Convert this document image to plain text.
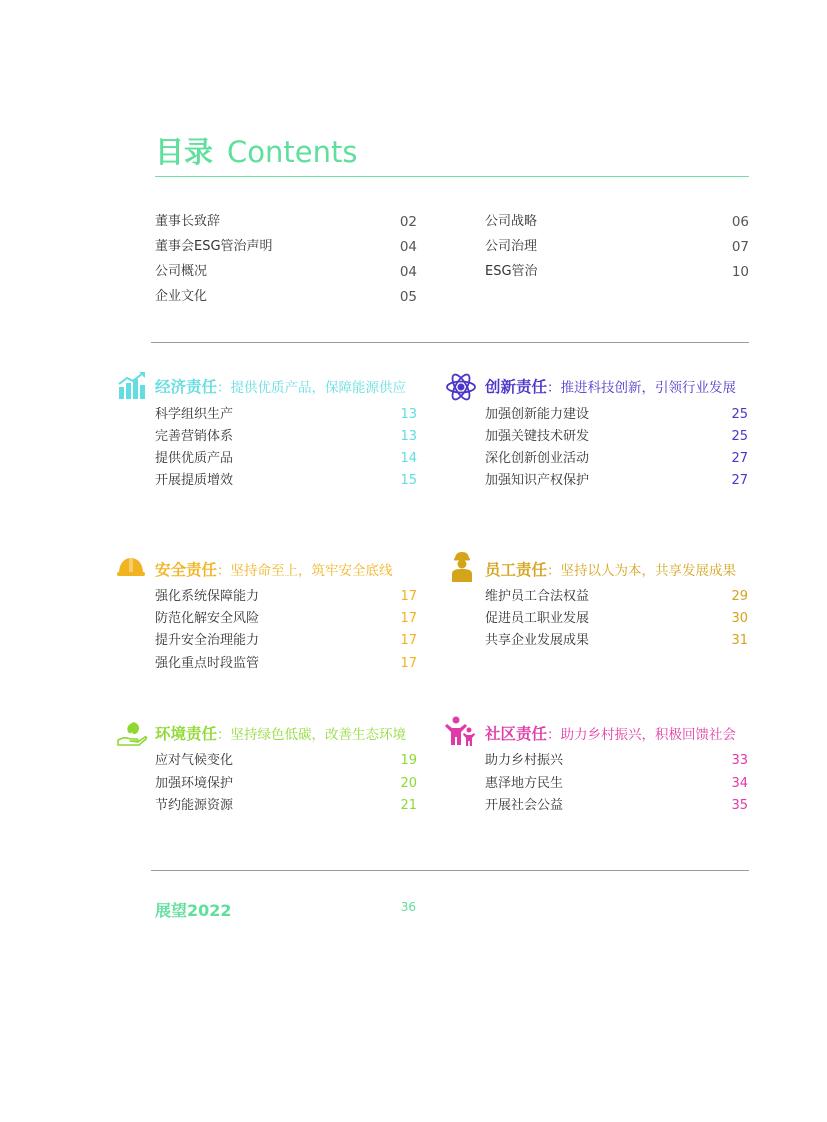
目录 Contents
董事长致辞	02
董事会ESG管治声明	04
公司概况	04
企业文化	05
公司战略	06
公司治理	07
ESG管治	10
经济责任：提供优质产品，保障能源供应
科学组织生产	13
完善营销体系	13
提供优质产品	14
开展提质增效	15
创新责任：推进科技创新，引领行业发展
加强创新能力建设	25
加强关键技术研发	25
深化创新创业活动	27
加强知识产权保护	27
安全责任：坚持命至上，筑牢安全底线
强化系统保障能力	17
防范化解安全风险	17
提升安全治理能力	17
强化重点时段监管	17
员工责任：坚持以人为本，共享发展成果
维护员工合法权益	29
促进员工职业发展	30
共享企业发展成果	31
环境责任：坚持绿色低碳，改善生态环境
应对气候变化	19
加强环境保护	20
节约能源资源	21
社区责任：助力乡村振兴，积极回馈社会
助力乡村振兴	33
惠泽地方民生	34
开展社会公益	35
展望2022	36
